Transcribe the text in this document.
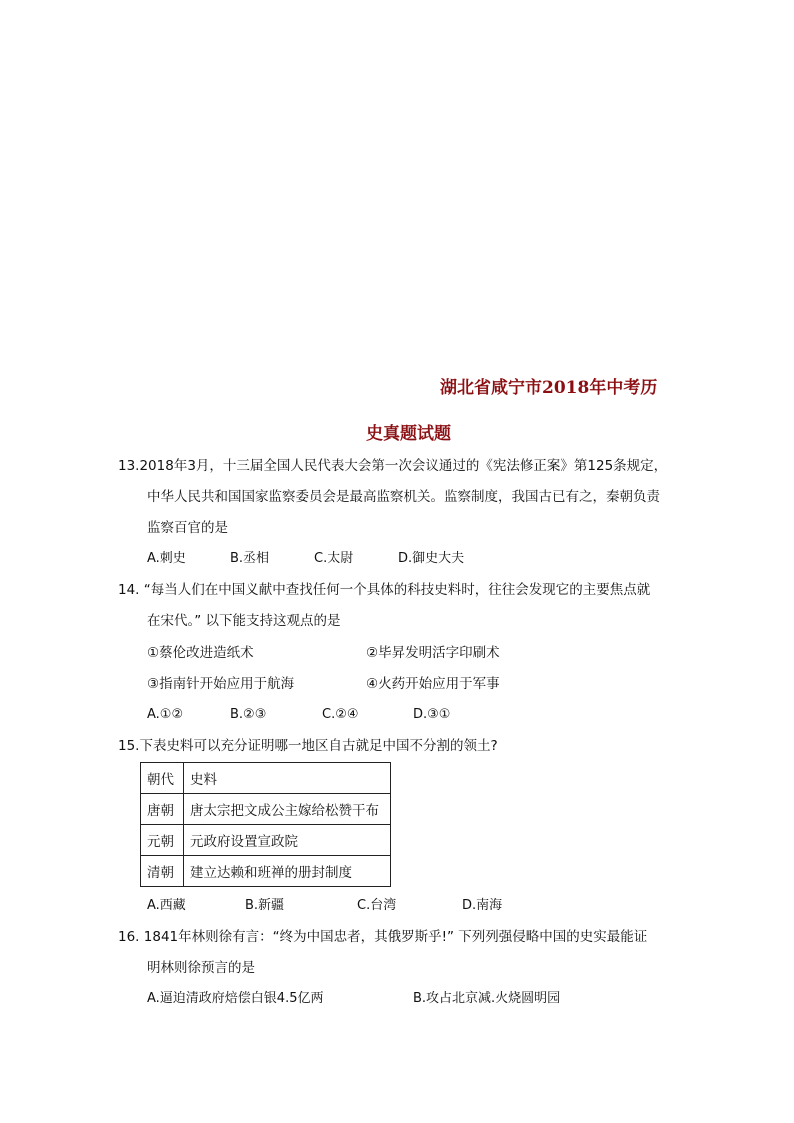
湖北省咸宁市2018年中考历
史真题试题
13.2018年3月，十三届全国人民代表大会第一次会议通过的《宪法修正案》第125条规定，
中华人民共和国国家监察委员会是最高监察机关。监察制度，我国古已有之，秦朝负责
监察百官的是
A.刺史	B.丞相	C.太尉	D.御史大夫
14. “每当人们在中国义献中查找任何一个具体的科技史料时，往往会发现它的主要焦点就
在宋代。” 以下能支持这观点的是
①蔡伦改进造纸术	②毕昇发明活字印刷术
③指南针开始应用于航海	④火药开始应用于军事
A.①②	B.②③	C.②④	D.③①
15.下表史料可以充分证明哪一地区自古就足中国不分割的领土?
朝代	史料
唐朝	唐太宗把文成公主嫁给松赞干布
元朝	元政府设置宣政院
清朝	建立达赖和班禅的册封制度
A.西藏	B.新疆	C.台湾	D.南海
16. 1841年林则徐有言：“终为中国忠者，其俄罗斯乎!” 下列列强侵略中国的史实最能证
明林则徐预言的是
A.逼迫清政府焙偿白银4.5亿两	B.攻占北京减.火烧圆明园
